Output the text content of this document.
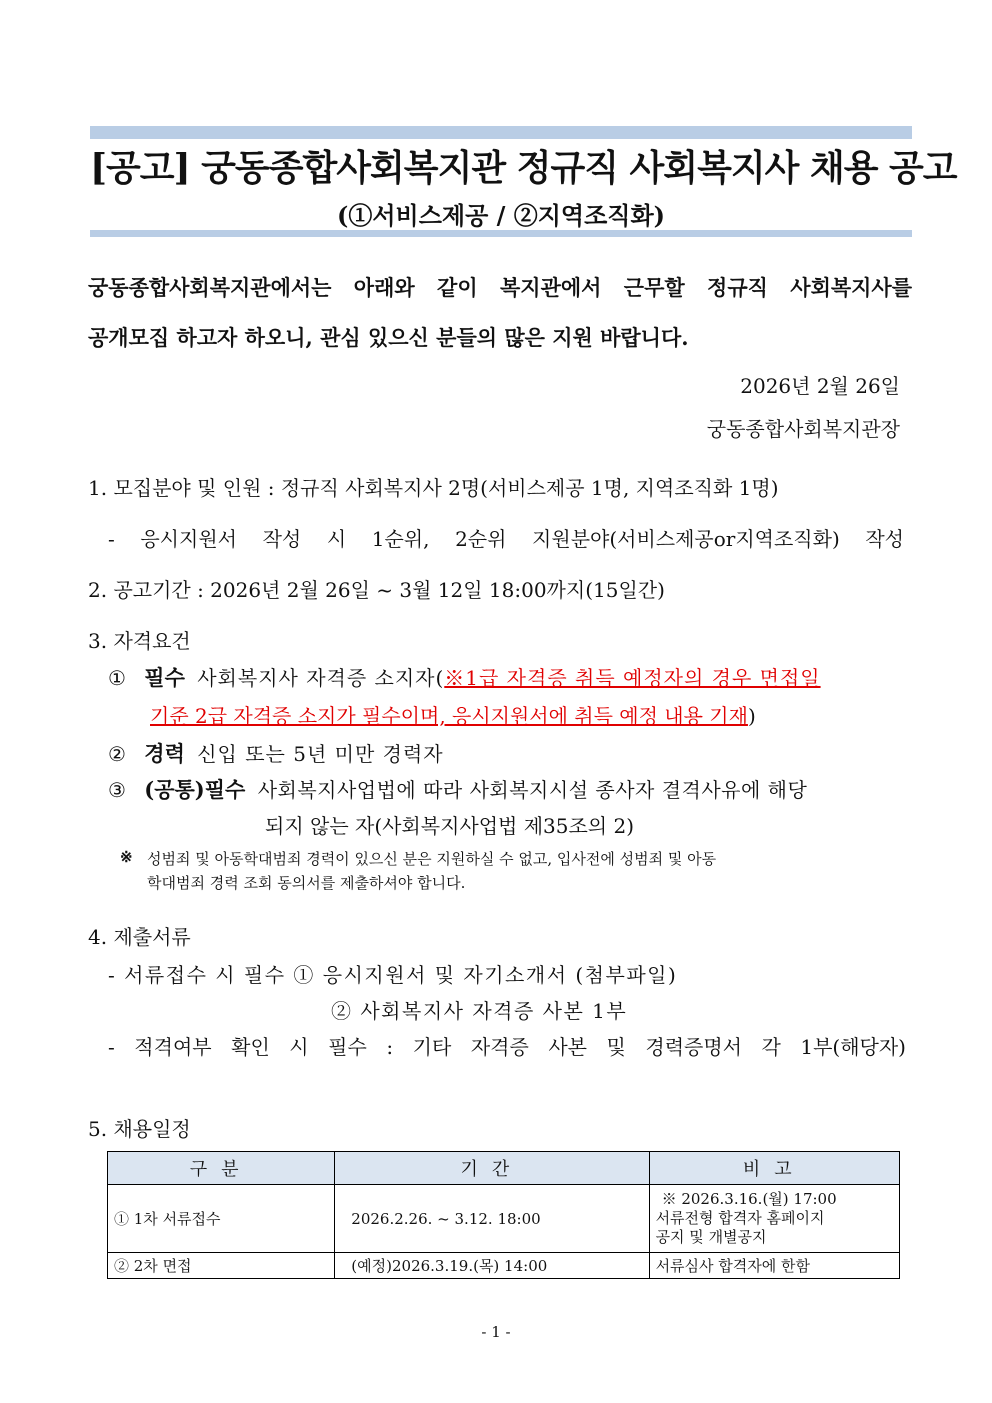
[공고] 궁동종합사회복지관 정규직 사회복지사 채용 공고
(①서비스제공 / ②지역조직화)
궁동종합사회복지관에서는 아래와 같이 복지관에서 근무할 정규직 사회복지사를
공개모집 하고자 하오니, 관심 있으신 분들의 많은 지원 바랍니다.
2026년 2월 26일
궁동종합사회복지관장
1. 모집분야 및 인원 : 정규직 사회복지사 2명(서비스제공 1명, 지역조직화 1명)
- 응시지원서 작성 시 1순위, 2순위 지원분야(서비스제공or지역조직화) 작성
2. 공고기간 : 2026년 2월 26일 ~ 3월 12일 18:00까지(15일간)
3. 자격요건
① 필수 사회복지사 자격증 소지자(※1급 자격증 취득 예정자의 경우 면접일
기준 2급 자격증 소지가 필수이며, 응시지원서에 취득 예정 내용 기재)
② 경력 신입 또는 5년 미만 경력자
③ (공통)필수 사회복지사업법에 따라 사회복지시설 종사자 결격사유에 해당
되지 않는 자(사회복지사업법 제35조의 2)
※ 성범죄 및 아동학대범죄 경력이 있으신 분은 지원하실 수 없고, 입사전에 성범죄 및 아동
학대범죄 경력 조회 동의서를 제출하셔야 합니다.
4. 제출서류
- 서류접수 시 필수 ① 응시지원서 및 자기소개서 (첨부파일)
② 사회복지사 자격증 사본 1부
- 적격여부 확인 시 필수 : 기타 자격증 사본 및 경력증명서 각 1부(해당자)
5. 채용일정
구분	기간	비고
① 1차 서류접수	2026.2.26. ~ 3.12. 18:00	※ 2026.3.16.(월) 17:00
서류전형 합격자 홈페이지
공지 및 개별공지

② 2차 면접	(예정)2026.3.19.(목) 14:00	서류심사 합격자에 한함
- 1 -
